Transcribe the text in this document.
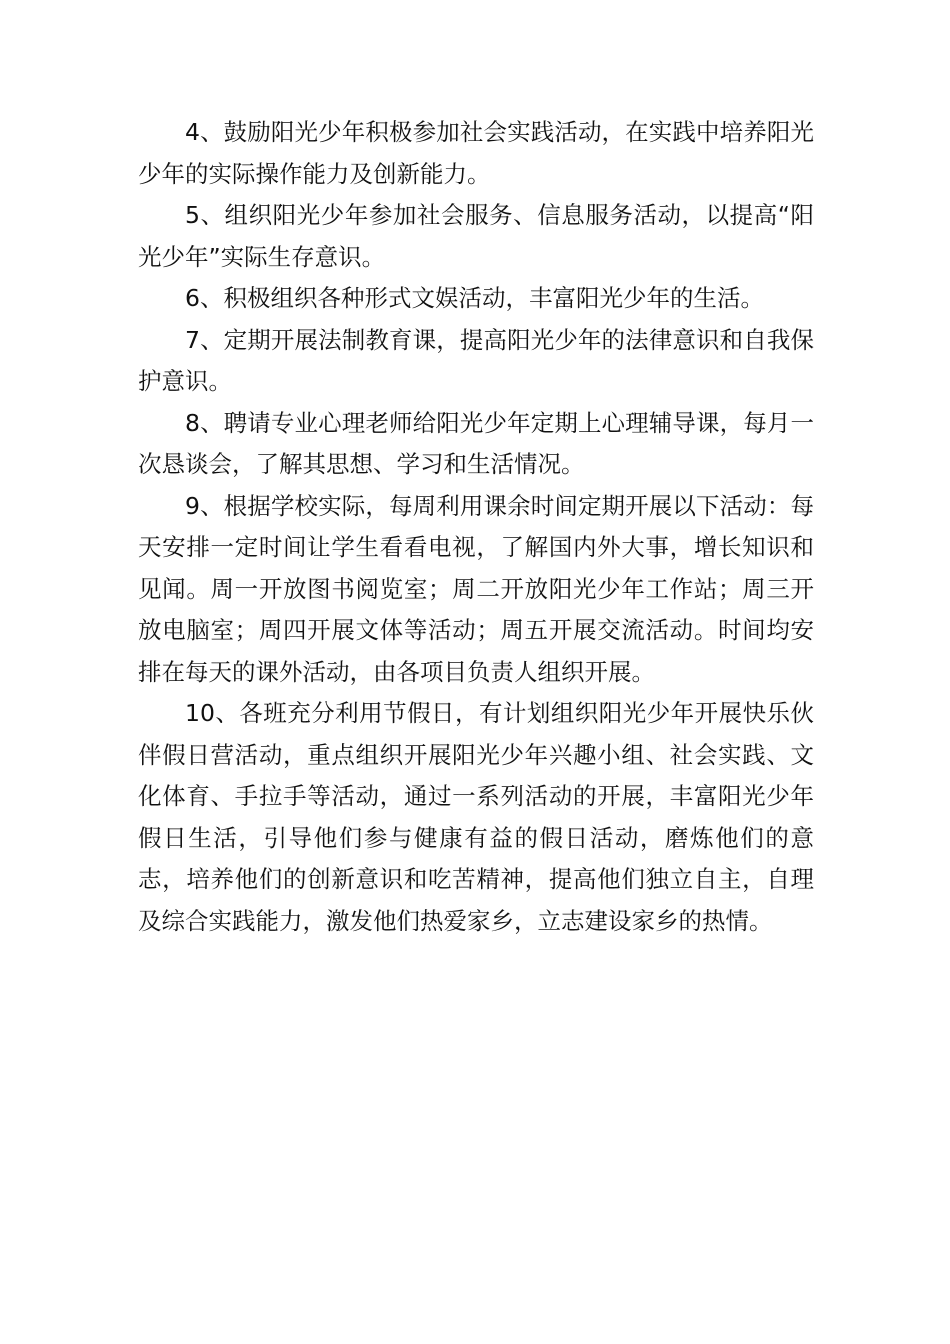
4、鼓励阳光少年积极参加社会实践活动，在实践中培养阳光少年的实际操作能力及创新能力。

5、组织阳光少年参加社会服务、信息服务活动，以提高“阳光少年”实际生存意识。

6、积极组织各种形式文娱活动，丰富阳光少年的生活。

7、定期开展法制教育课，提高阳光少年的法律意识和自我保护意识。

8、聘请专业心理老师给阳光少年定期上心理辅导课，每月一次恳谈会，了解其思想、学习和生活情况。

9、根据学校实际，每周利用课余时间定期开展以下活动：每天安排一定时间让学生看看电视，了解国内外大事，增长知识和见闻。周一开放图书阅览室；周二开放阳光少年工作站；周三开放电脑室；周四开展文体等活动；周五开展交流活动。时间均安排在每天的课外活动，由各项目负责人组织开展。

10、各班充分利用节假日，有计划组织阳光少年开展快乐伙伴假日营活动，重点组织开展阳光少年兴趣小组、社会实践、文化体育、手拉手等活动，通过一系列活动的开展，丰富阳光少年假日生活，引导他们参与健康有益的假日活动，磨炼他们的意志，培养他们的创新意识和吃苦精神，提高他们独立自主，自理及综合实践能力，激发他们热爱家乡，立志建设家乡的热情。
